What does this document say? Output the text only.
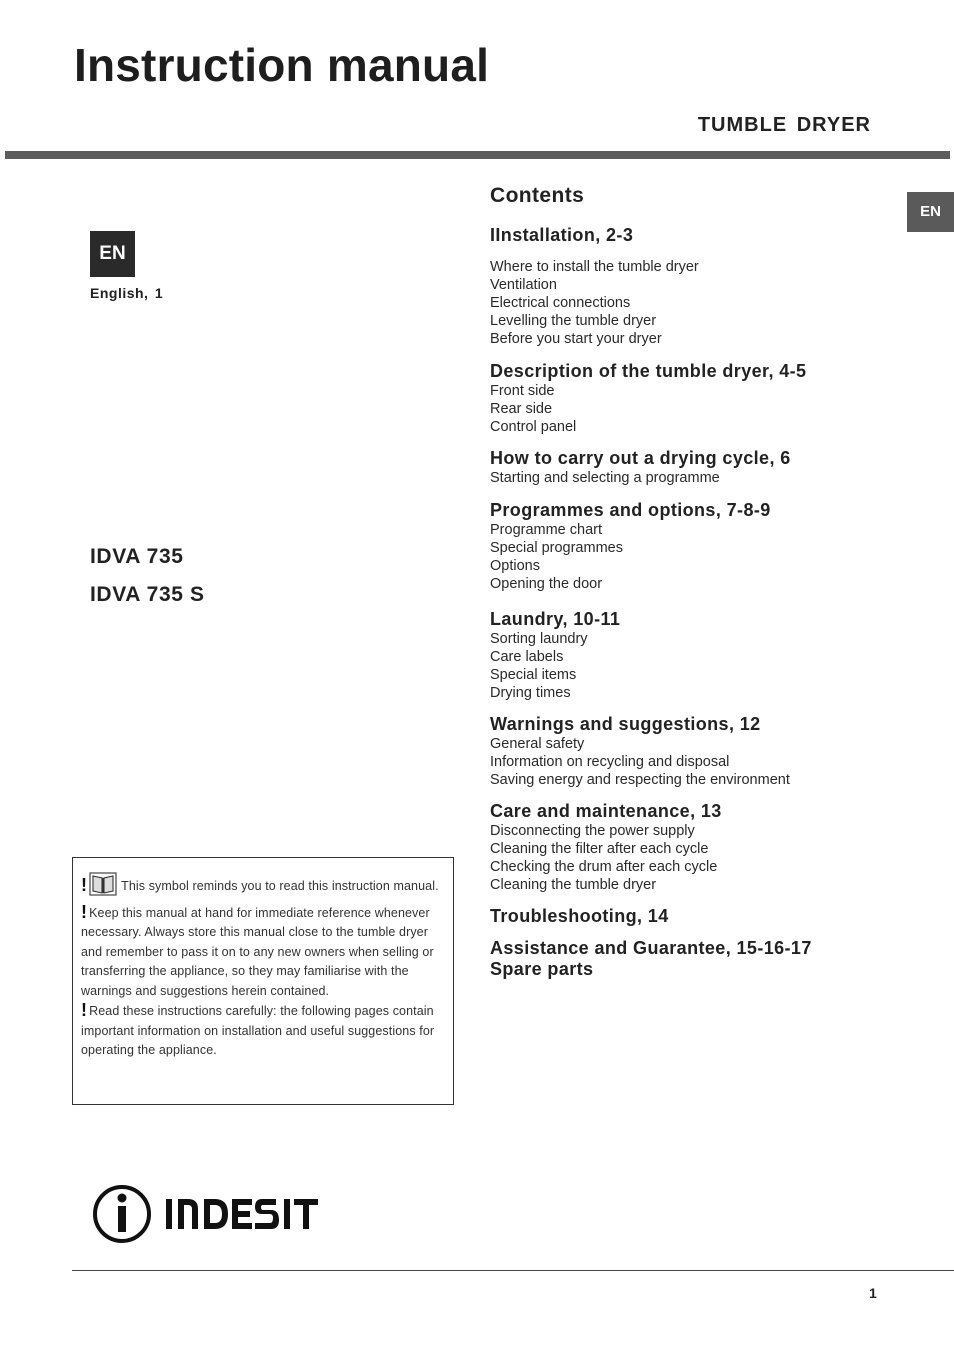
Instruction manual
TUMBLE DRYER
EN
EN
English, 1
IDVA 735
IDVA 735 S
Contents
IInstallation, 2-3
Where to install the tumble dryer
Ventilation
Electrical connections
Levelling the tumble dryer
Before you start your dryer
Description of the tumble dryer, 4-5
Front side
Rear side
Control panel
How to carry out a drying cycle, 6
Starting and selecting a programme
Programmes and options, 7-8-9
Programme chart
Special programmes
Options
Opening the door
Laundry, 10-11
Sorting laundry
Care labels
Special items
Drying times
Warnings and suggestions, 12
General safety
Information on recycling and disposal
Saving energy and respecting the environment
Care and maintenance, 13
Disconnecting the power supply
Cleaning the filter after each cycle
Checking the drum after each cycle
Cleaning the tumble dryer
Troubleshooting, 14
Assistance and Guarantee, 15-16-17
Spare parts

!	This symbol reminds you to read this instruction manual.

! Keep this manual at hand for immediate reference whenever necessary. Always store this manual close to the tumble dryer and remember to pass it on to any new owners when selling or transferring the appliance, so they may familiarise with the warnings and suggestions herein contained.

! Read these instructions carefully: the following pages contain important information on installation and useful suggestions for operating the appliance.

1
